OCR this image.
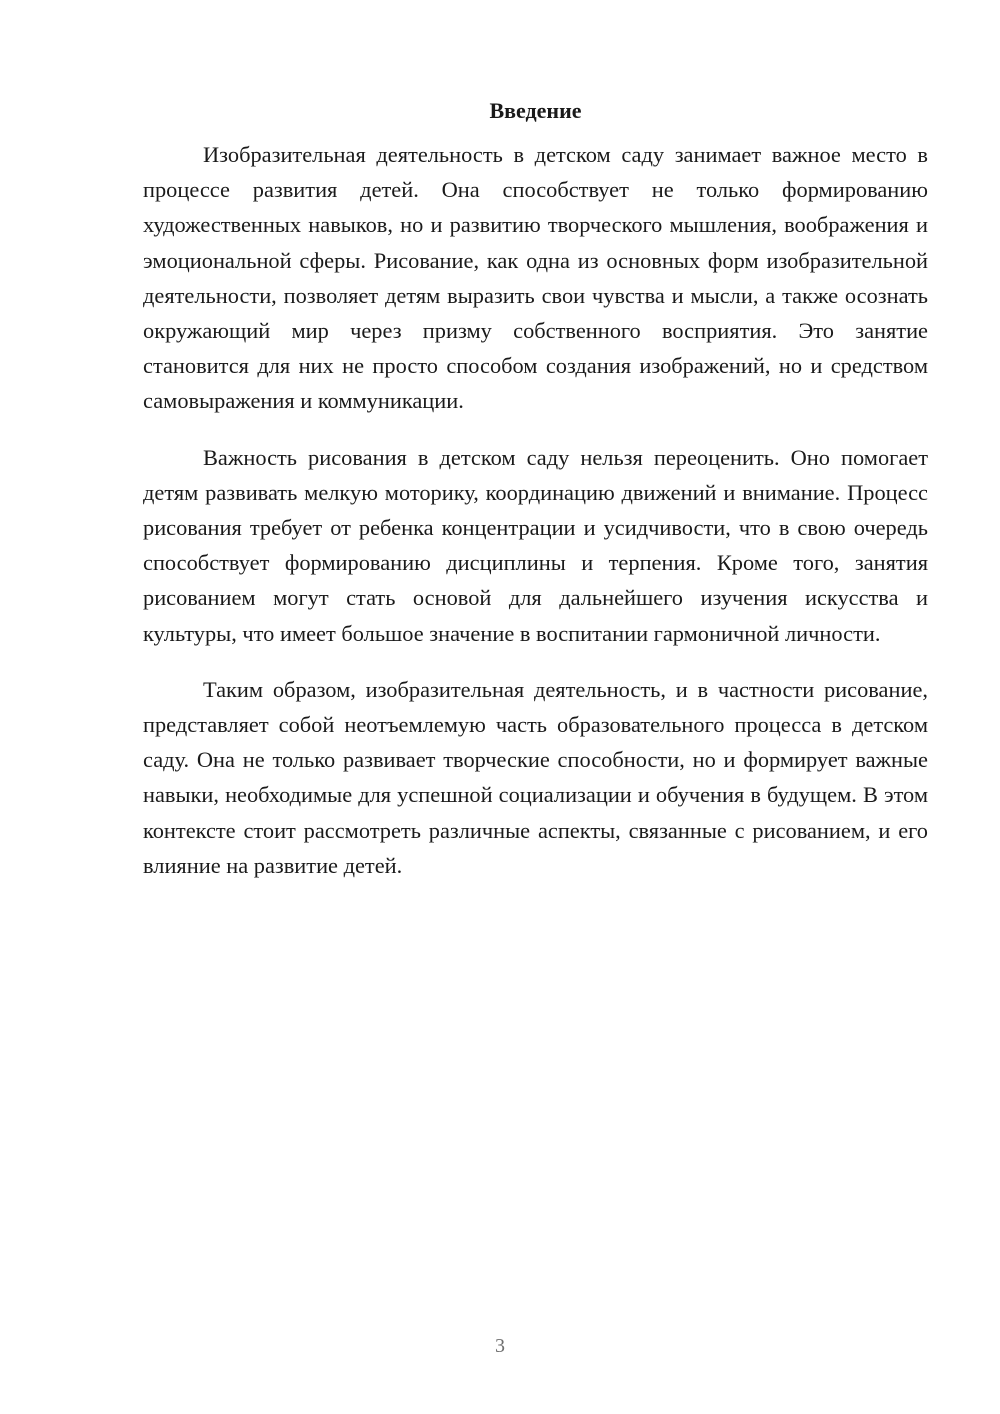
Введение

Изобразительная деятельность в детском саду занимает важное место в процессе развития детей. Она способствует не только формированию художественных навыков, но и развитию творческого мышления, воображения и эмоциональной сферы. Рисование, как одна из основных форм изобразительной деятельности, позволяет детям выразить свои чувства и мысли, а также осознать окружающий мир через призму собственного восприятия. Это занятие становится для них не просто способом создания изображений, но и средством самовыражения и коммуникации.

Важность рисования в детском саду нельзя переоценить. Оно помогает детям развивать мелкую моторику, координацию движений и внимание. Процесс рисования требует от ребенка концентрации и усидчивости, что в свою очередь способствует формированию дисциплины и терпения. Кроме того, занятия рисованием могут стать основой для дальнейшего изучения искусства и культуры, что имеет большое значение в воспитании гармоничной личности.

Таким образом, изобразительная деятельность, и в частности рисование, представляет собой неотъемлемую часть образовательного процесса в детском саду. Она не только развивает творческие способности, но и формирует важные навыки, необходимые для успешной социализации и обучения в будущем. В этом контексте стоит рассмотреть различные аспекты, связанные с рисованием, и его влияние на развитие детей.

3
